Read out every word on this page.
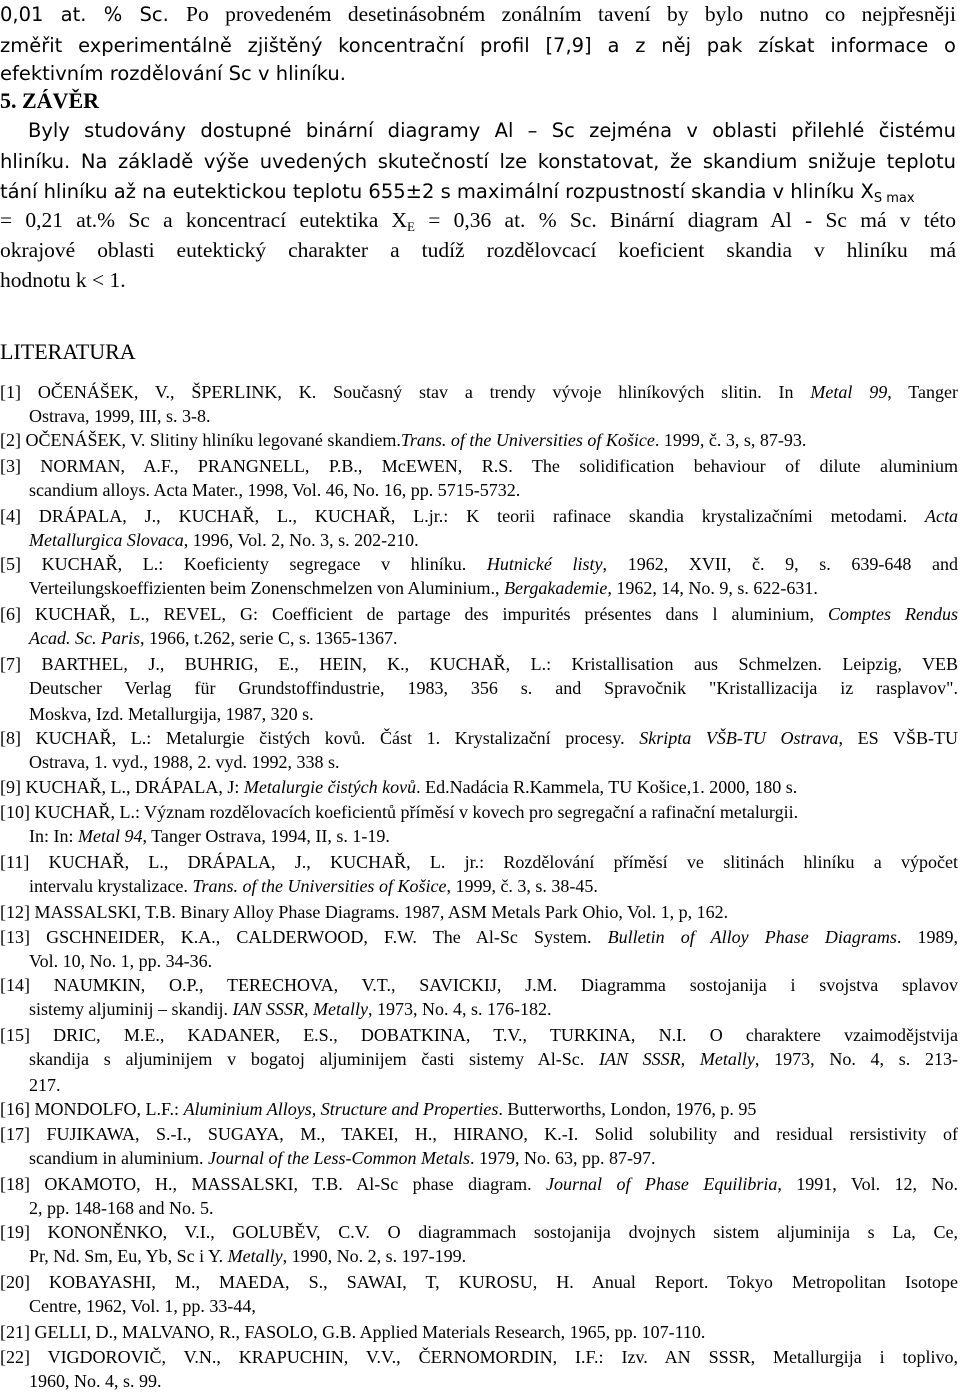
0,01 at. % Sc. Po provedeném desetinásobném zonálním tavení by bylo nutno co nejpřesněji
změřit experimentálně zjištěný koncentrační profil [7,9] a z něj pak získat informace o
efektivním rozdělování Sc v hliníku.
5. ZÁVĚR
Byly studovány dostupné binární diagramy Al – Sc zejména v oblasti přilehlé čistému
hliníku. Na základě výše uvedených skutečností lze konstatovat, že skandium snižuje teplotu
tání hliníku až na eutektickou teplotu 655±2 s maximální rozpustností skandia v hliníku $X_{S max}$
= 0,21 at.% Sc a koncentrací eutektika $X_E = 0,36$ at. % Sc. Binární diagram Al - Sc má v této
okrajové oblasti eutektický charakter a tudíž rozdělovcací koeficient skandia v hliníku má
hodnotu k < 1.
LITERATURA
[1] OČENÁŠEK, V., ŠPERLINK, K. Současný stav a trendy vývoje hliníkových slitin. In Metal 99, Tanger
Ostrava, 1999, III, s. 3-8.
[2] OČENÁŠEK, V. Slitiny hliníku legované skandiem.Trans. of the Universities of Košice. 1999, č. 3, s, 87-93.
[3] NORMAN, A.F., PRANGNELL, P.B., McEWEN, R.S. The solidification behaviour of dilute aluminium
scandium alloys. Acta Mater., 1998, Vol. 46, No. 16, pp. 5715-5732.
[4] DRÁPALA, J., KUCHAŘ, L., KUCHAŘ, L.jr.: K teorii rafinace skandia krystalizačními metodami. Acta
Metallurgica Slovaca, 1996, Vol. 2, No. 3, s. 202-210.
[5] KUCHAŘ, L.: Koeficienty segregace v hliníku. Hutnické listy, 1962, XVII, č. 9, s. 639-648 and
Verteilungskoeffizienten beim Zonenschmelzen von Aluminium., Bergakademie, 1962, 14, No. 9, s. 622-631.
[6] KUCHAŘ, L., REVEL, G: Coefficient de partage des impurités présentes dans l aluminium, Comptes Rendus
Acad. Sc. Paris, 1966, t.262, serie C, s. 1365-1367.
[7] BARTHEL, J., BUHRIG, E., HEIN, K., KUCHAŘ, L.: Kristallisation aus Schmelzen. Leipzig, VEB
Deutscher Verlag für Grundstoffindustrie, 1983, 356 s. and Spravočnik "Kristallizacija iz rasplavov".
Moskva, Izd. Metallurgija, 1987, 320 s.
[8] KUCHAŘ, L.: Metalurgie čistých kovů. Část 1. Krystalizační procesy. Skripta VŠB-TU Ostrava, ES VŠB-TU
Ostrava, 1. vyd., 1988, 2. vyd. 1992, 338 s.
[9] KUCHAŘ, L., DRÁPALA, J: Metalurgie čistých kovů. Ed.Nadácia R.Kammela, TU Košice,1. 2000, 180 s.
[10] KUCHAŘ, L.: Význam rozdělovacích koeficientů příměsí v kovech pro segregační a rafinační metalurgii.
In: In: Metal 94, Tanger Ostrava, 1994, II, s. 1-19.
[11] KUCHAŘ, L., DRÁPALA, J., KUCHAŘ, L. jr.: Rozdělování příměsí ve slitinách hliníku a výpočet
intervalu krystalizace. Trans. of the Universities of Košice, 1999, č. 3, s. 38-45.
[12] MASSALSKI, T.B. Binary Alloy Phase Diagrams. 1987, ASM Metals Park Ohio, Vol. 1, p, 162.
[13] GSCHNEIDER, K.A., CALDERWOOD, F.W. The Al-Sc System. Bulletin of Alloy Phase Diagrams. 1989,
Vol. 10, No. 1, pp. 34-36.
[14] NAUMKIN, O.P., TERECHOVA, V.T., SAVICKIJ, J.M. Diagramma sostojanija i svojstva splavov
sistemy aljuminij – skandij. IAN SSSR, Metally, 1973, No. 4, s. 176-182.
[15] DRIC, M.E., KADANER, E.S., DOBATKINA, T.V., TURKINA, N.I. O charaktere vzaimodějstvija
skandija s aljuminijem v bogatoj aljuminijem časti sistemy Al-Sc. IAN SSSR, Metally, 1973, No. 4, s. 213-
217.
[16] MONDOLFO, L.F.: Aluminium Alloys, Structure and Properties. Butterworths, London, 1976, p. 95
[17] FUJIKAWA, S.-I., SUGAYA, M., TAKEI, H., HIRANO, K.-I. Solid solubility and residual rersistivity of
scandium in aluminium. Journal of the Less-Common Metals. 1979, No. 63, pp. 87-97.
[18] OKAMOTO, H., MASSALSKI, T.B. Al-Sc phase diagram. Journal of Phase Equilibria, 1991, Vol. 12, No.
2, pp. 148-168 and No. 5.
[19] KONONĚNKO, V.I., GOLUBĚV, C.V. O diagrammach sostojanija dvojnych sistem aljuminija s La, Ce,
Pr, Nd. Sm, Eu, Yb, Sc i Y. Metally, 1990, No. 2, s. 197-199.
[20] KOBAYASHI, M., MAEDA, S., SAWAI, T, KUROSU, H. Anual Report. Tokyo Metropolitan Isotope
Centre, 1962, Vol. 1, pp. 33-44,
[21] GELLI, D., MALVANO, R., FASOLO, G.B. Applied Materials Research, 1965, pp. 107-110.
[22] VIGDOROVIČ, V.N., KRAPUCHIN, V.V., ČERNOMORDIN, I.F.: Izv. AN SSSR, Metallurgija i toplivo,
1960, No. 4, s. 99.
